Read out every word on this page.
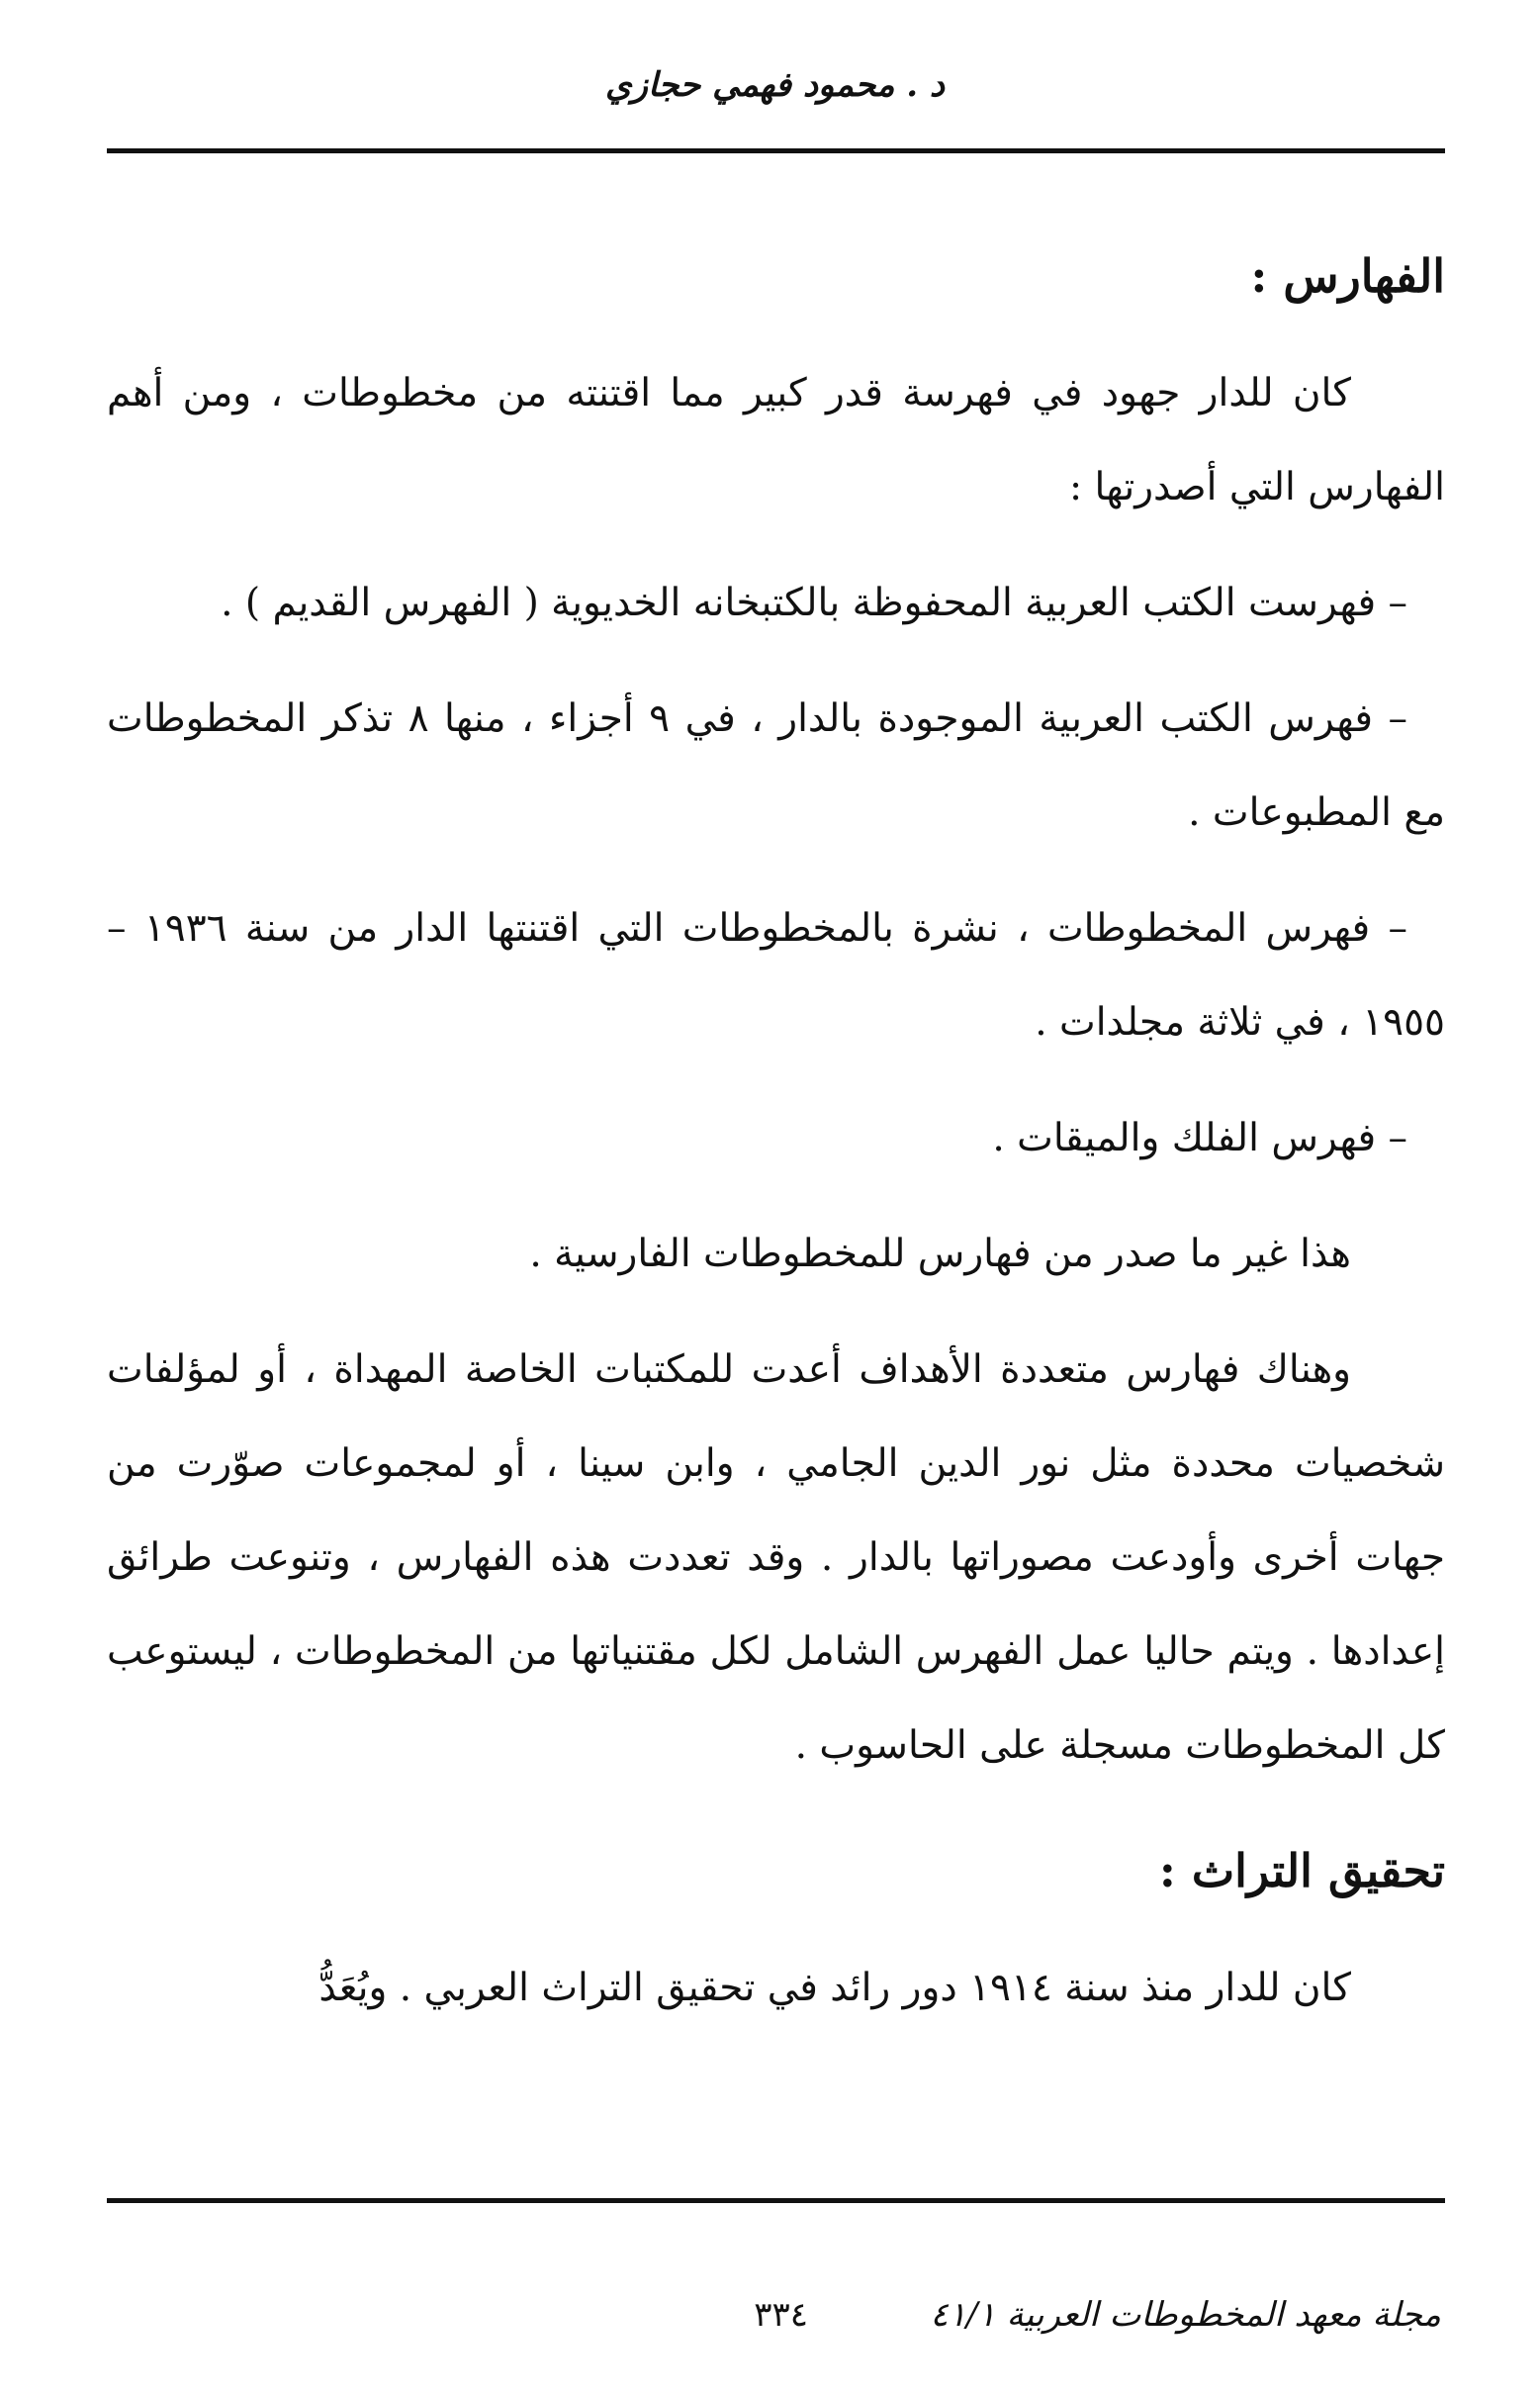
د . محمود فهمي حجازي
الفهارس :

كان للدار جهود في فهرسة قدر كبير مما اقتنته من مخطوطات ، ومن أهم الفهارس التي أصدرتها :

– فهرست الكتب العربية المحفوظة بالكتبخانه الخديوية ( الفهرس القديم ) .

– فهرس الكتب العربية الموجودة بالدار ، في ٩ أجزاء ، منها ٨ تذكر المخطوطات مع المطبوعات .

– فهرس المخطوطات ، نشرة بالمخطوطات التي اقتنتها الدار من سنة ١٩٣٦ – ١٩٥٥ ، في ثلاثة مجلدات .

– فهرس الفلك والميقات .

هذا غير ما صدر من فهارس للمخطوطات الفارسية .

وهناك فهارس متعددة الأهداف أعدت للمكتبات الخاصة المهداة ، أو لمؤلفات شخصيات محددة مثل نور الدين الجامي ، وابن سينا ، أو لمجموعات صوّرت من جهات أخرى وأودعت مصوراتها بالدار . وقد تعددت هذه الفهارس ، وتنوعت طرائق إعدادها . ويتم حاليا عمل الفهرس الشامل لكل مقتنياتها من المخطوطات ، ليستوعب كل المخطوطات مسجلة على الحاسوب .

تحقيق التراث :

كان للدار منذ سنة ١٩١٤ دور رائد في تحقيق التراث العربي . ويُعَدُّ

مجلة معهد المخطوطات العربية ٤١/١
٣٣٤
